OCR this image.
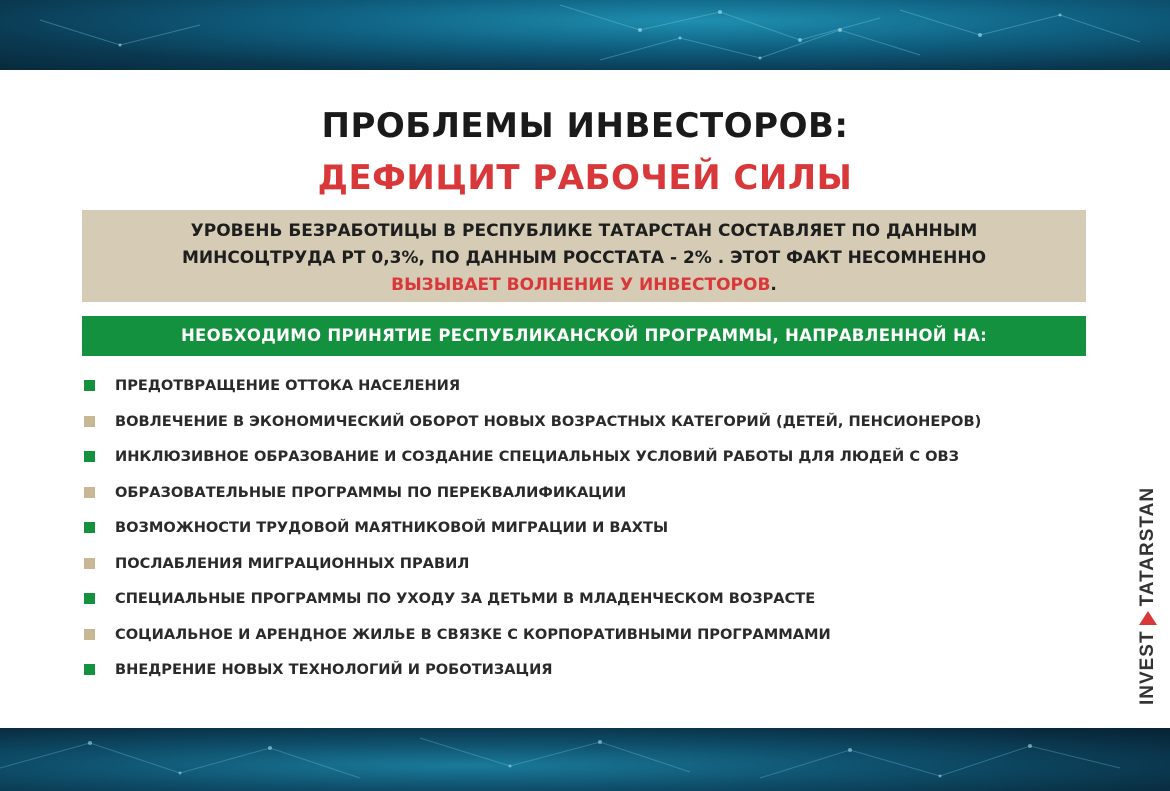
ПРОБЛЕМЫ ИНВЕСТОРОВ:
ДЕФИЦИТ РАБОЧЕЙ СИЛЫ
УРОВЕНЬ БЕЗРАБОТИЦЫ В РЕСПУБЛИКЕ ТАТАРСТАН СОСТАВЛЯЕТ ПО ДАННЫМ
МИНСОЦТРУДА РТ 0,3%, ПО ДАННЫМ РОССТАТА - 2% . ЭТОТ ФАКТ НЕСОМНЕННО
ВЫЗЫВАЕТ ВОЛНЕНИЕ У ИНВЕСТОРОВ.
НЕОБХОДИМО ПРИНЯТИЕ РЕСПУБЛИКАНСКОЙ ПРОГРАММЫ, НАПРАВЛЕННОЙ НА:
ПРЕДОТВРАЩЕНИЕ ОТТОКА НАСЕЛЕНИЯ
ВОВЛЕЧЕНИЕ В ЭКОНОМИЧЕСКИЙ ОБОРОТ НОВЫХ ВОЗРАСТНЫХ КАТЕГОРИЙ (ДЕТЕЙ, ПЕНСИОНЕРОВ)
ИНКЛЮЗИВНОЕ ОБРАЗОВАНИЕ И СОЗДАНИЕ СПЕЦИАЛЬНЫХ УСЛОВИЙ РАБОТЫ ДЛЯ ЛЮДЕЙ С ОВЗ
ОБРАЗОВАТЕЛЬНЫЕ ПРОГРАММЫ ПО ПЕРЕКВАЛИФИКАЦИИ
ВОЗМОЖНОСТИ ТРУДОВОЙ МАЯТНИКОВОЙ МИГРАЦИИ И ВАХТЫ
ПОСЛАБЛЕНИЯ МИГРАЦИОННЫХ ПРАВИЛ
СПЕЦИАЛЬНЫЕ ПРОГРАММЫ ПО УХОДУ ЗА ДЕТЬМИ В МЛАДЕНЧЕСКОМ ВОЗРАСТЕ
СОЦИАЛЬНОЕ И АРЕНДНОЕ ЖИЛЬЕ В СВЯЗКЕ С КОРПОРАТИВНЫМИ ПРОГРАММАМИ
ВНЕДРЕНИЕ НОВЫХ ТЕХНОЛОГИЙ И РОБОТИЗАЦИЯ	INVEST
TATARSTAN
